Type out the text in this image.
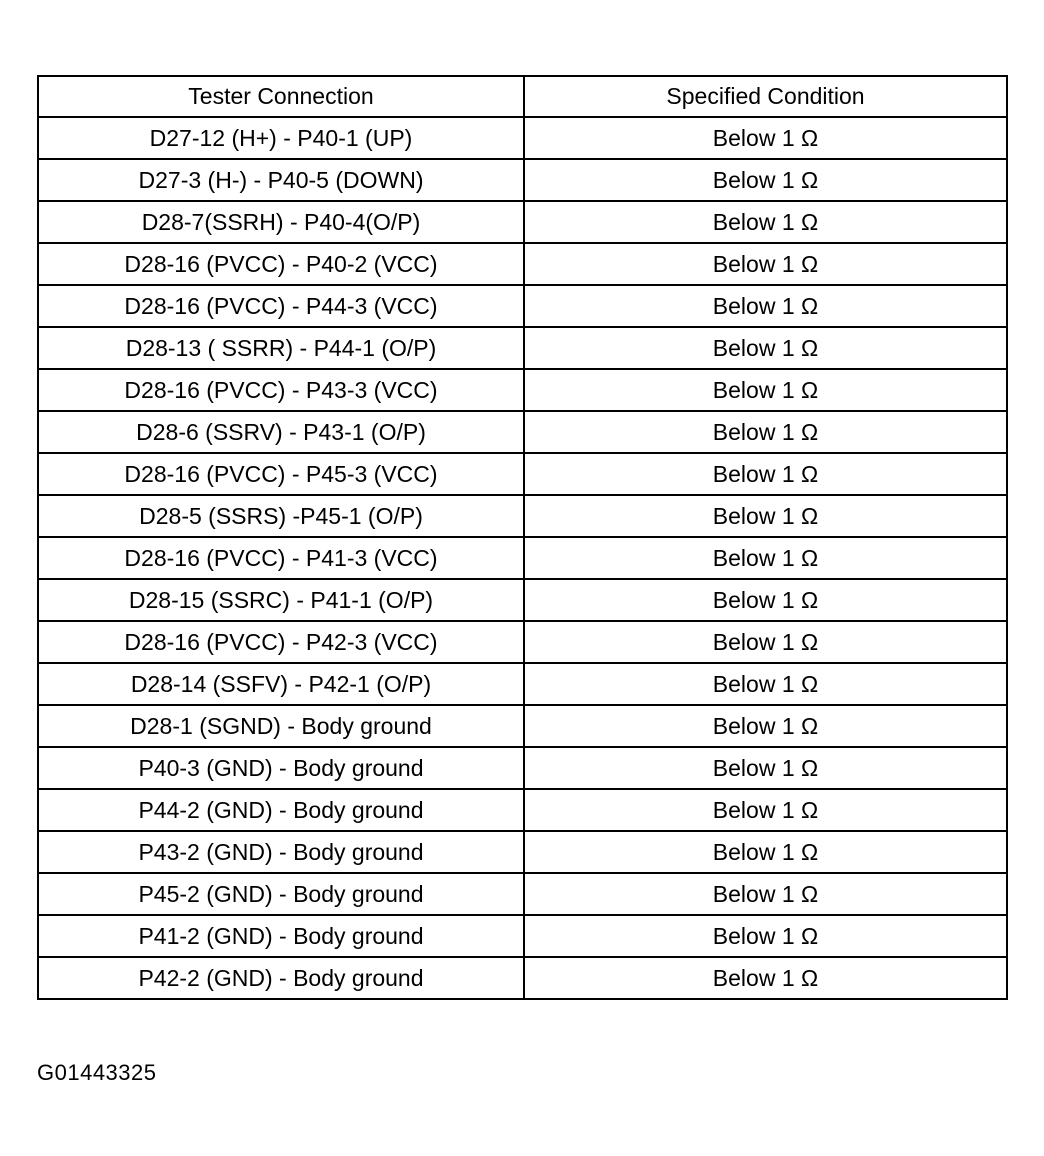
Tester Connection	Specified Condition
D27-12 (H+) - P40-1 (UP)	Below 1 Ω
D27-3 (H-) - P40-5 (DOWN)	Below 1 Ω
D28-7(SSRH) - P40-4(O/P)	Below 1 Ω
D28-16 (PVCC) - P40-2 (VCC)	Below 1 Ω
D28-16 (PVCC) - P44-3 (VCC)	Below 1 Ω
D28-13 ( SSRR) - P44-1 (O/P)	Below 1 Ω
D28-16 (PVCC) - P43-3 (VCC)	Below 1 Ω
D28-6 (SSRV) - P43-1 (O/P)	Below 1 Ω
D28-16 (PVCC) - P45-3 (VCC)	Below 1 Ω
D28-5 (SSRS) -P45-1 (O/P)	Below 1 Ω
D28-16 (PVCC) - P41-3 (VCC)	Below 1 Ω
D28-15 (SSRC) - P41-1 (O/P)	Below 1 Ω
D28-16 (PVCC) - P42-3 (VCC)	Below 1 Ω
D28-14 (SSFV) - P42-1 (O/P)	Below 1 Ω
D28-1 (SGND) - Body ground	Below 1 Ω
P40-3 (GND) - Body ground	Below 1 Ω
P44-2 (GND) - Body ground	Below 1 Ω
P43-2 (GND) - Body ground	Below 1 Ω
P45-2 (GND) - Body ground	Below 1 Ω
P41-2 (GND) - Body ground	Below 1 Ω
P42-2 (GND) - Body ground	Below 1 Ω
G01443325
